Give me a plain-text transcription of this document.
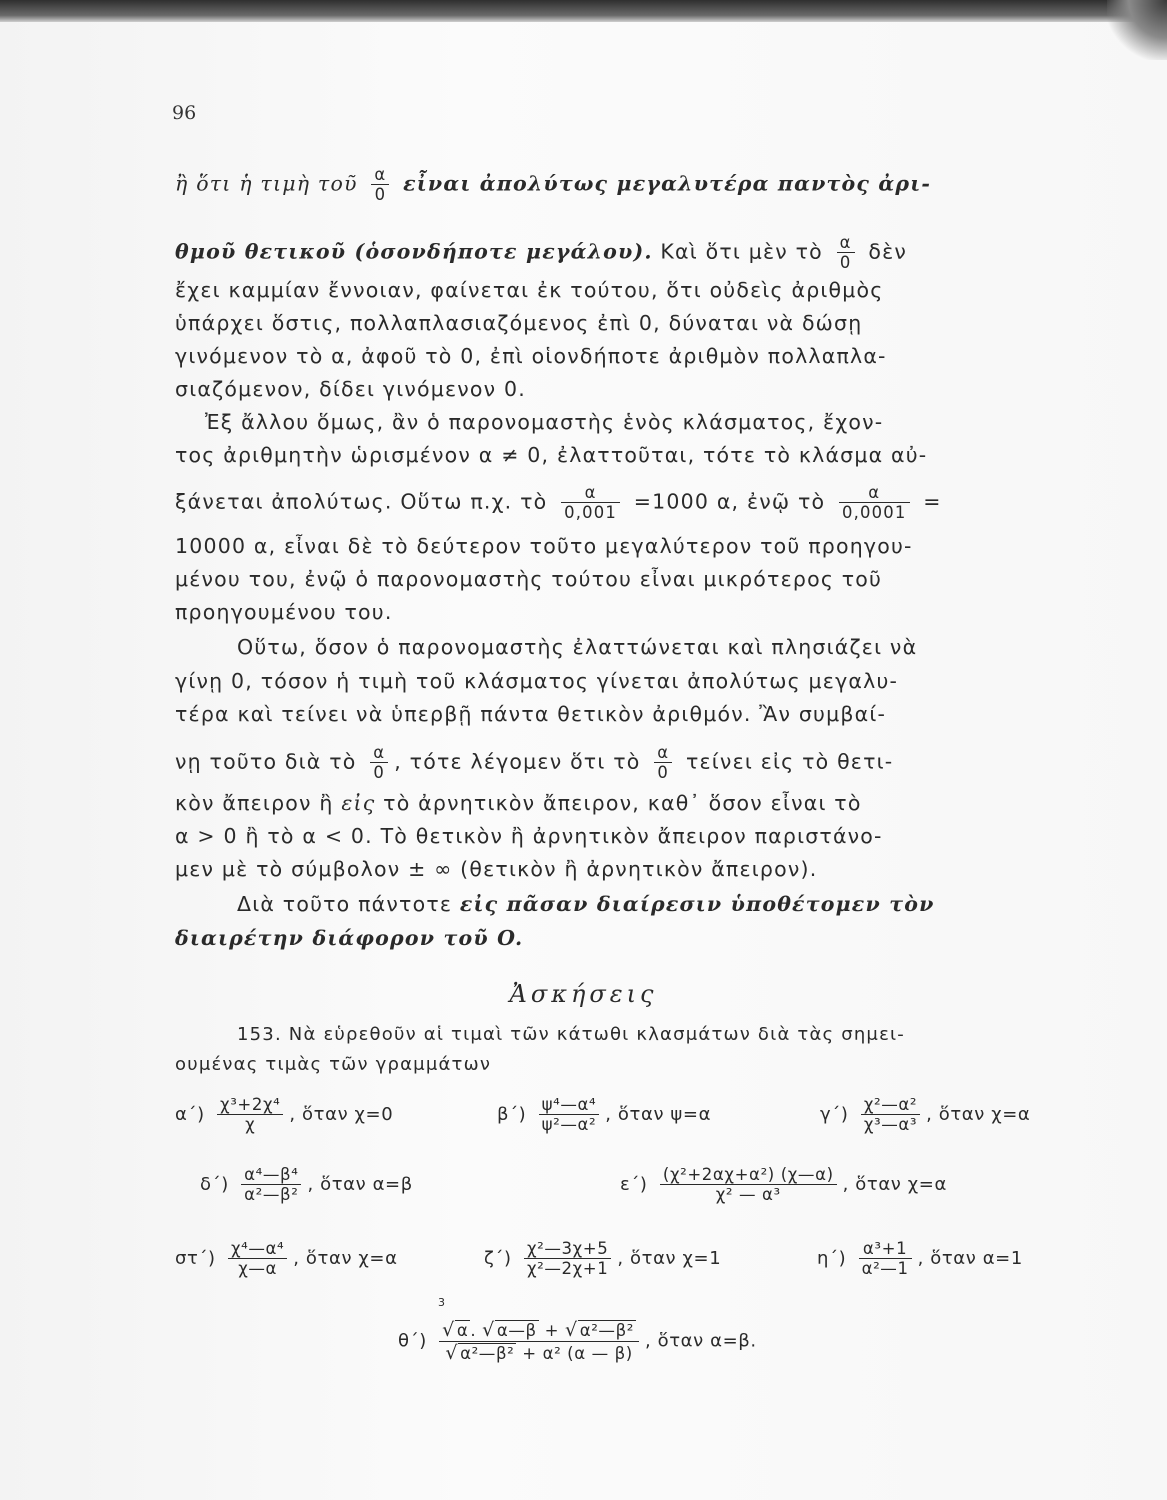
96
ἢ ὅτι ἡ τιμὴ τοῦ $\frac{\alpha}{0}$ εἶναι ἀπολύτως μεγαλυτέρα παντὸς ἀρι-
θμοῦ θετικοῦ (ὁσονδήποτε μεγάλου). Καὶ ὅτι μὲν τὸ $\frac{\alpha}{0}$ δὲν
ἔχει καμμίαν ἔννοιαν, φαίνεται ἐκ τούτου, ὅτι οὐδεὶς ἀριθμὸς
ὑπάρχει ὅστις, πολλαπλασιαζόμενος ἐπὶ 0, δύναται νὰ δώσῃ
γινόμενον τὸ α, ἀφοῦ τὸ 0, ἐπὶ οἱονδήποτε ἀριθμὸν πολλαπλα-
σιαζόμενον, δίδει γινόμενον 0.
Ἐξ ἄλλου ὅμως, ἂν ὁ παρονομαστὴς ἑνὸς κλάσματος, ἔχον-
τος ἀριθμητὴν ὡρισμένον α ≠ 0, ἐλαττοῦται, τότε τὸ κλάσμα αὐ-
ξάνεται ἀπολύτως. Οὕτω π.χ. τὸ $\frac{\alpha}{0,001} =1000$ α, ἐνῷ τὸ $\frac{\alpha}{0,0001}$ =
10000 α, εἶναι δὲ τὸ δεύτερον τοῦτο μεγαλύτερον τοῦ προηγου-
μένου του, ἐνῷ ὁ παρονομαστὴς τούτου εἶναι μικρότερος τοῦ
προηγουμένου του.
Οὕτω, ὅσον ὁ παρονομαστὴς ἐλαττώνεται καὶ πλησιάζει νὰ
γίνῃ 0, τόσον ἡ τιμὴ τοῦ κλάσματος γίνεται ἀπολύτως μεγαλυ-
τέρα καὶ τείνει νὰ ὑπερβῇ πάντα θετικὸν ἀριθμόν. Ἂν συμβαί-
νῃ τοῦτο διὰ τὸ $\frac{\alpha}{0}$ , τότε λέγομεν ὅτι τὸ $\frac{\alpha}{0}$ τείνει εἰς τὸ θετι-
κὸν ἄπειρον ἢ εἰς τὸ ἀρνητικὸν ἄπειρον, καθ᾽ ὅσον εἶναι τὸ
α > 0 ἢ τὸ α < 0. Τὸ θετικὸν ἢ ἀρνητικὸν ἄπειρον παριστάνο-
μεν μὲ τὸ σύμβολον ± ∞ (θετικὸν ἢ ἀρνητικὸν ἄπειρον).
Διὰ τοῦτο πάντοτε εἰς πᾶσαν διαίρεσιν ὑποθέτομεν τὸν
διαιρέτην διάφορον τοῦ O.
Ἀσκήσεις
153. Νὰ εὑρεθοῦν αἱ τιμαὶ τῶν κάτωθι κλασμάτων διὰ τὰς σημει-
ουμένας τιμὰς τῶν γραμμάτων
$\alpha΄) \frac{\text{χ³+2χ⁴}}{\chi}$ , ὅταν χ=0	$\beta΄) \frac{\text{ψ⁴—α⁴}}{\text{ψ²—α²}}$ , ὅταν ψ=α	$\gamma΄) \frac{\text{χ²—α²}}{\text{χ³—α³}}$ , ὅταν χ=α
$\delta΄) \frac{\text{α⁴—β⁴}}{\text{α²—β²}}$ , ὅταν α=β	$\varepsilon΄) \frac{\text{(χ²+2αχ+α²) (χ—α)}}{\text{χ² — α³}}$ , ὅταν χ=α
$\sigma\tau΄) \frac{\text{χ⁴—α⁴}}{\chi—\alpha}$ , ὅταν χ=α	$\zeta΄) \frac{\text{χ²—3χ+5}}{\text{χ²—2χ+1}}$ , ὅταν χ=1	$\eta΄) \frac{\text{α³+1}}{\text{α²—1}}$ , ὅταν α=1
3
$\theta΄) \frac{\text{√ α . √ α—β + √ α²—β²}}{\text{√ α²—β² + α² (α — β)}}$ , ὅταν α=β.
